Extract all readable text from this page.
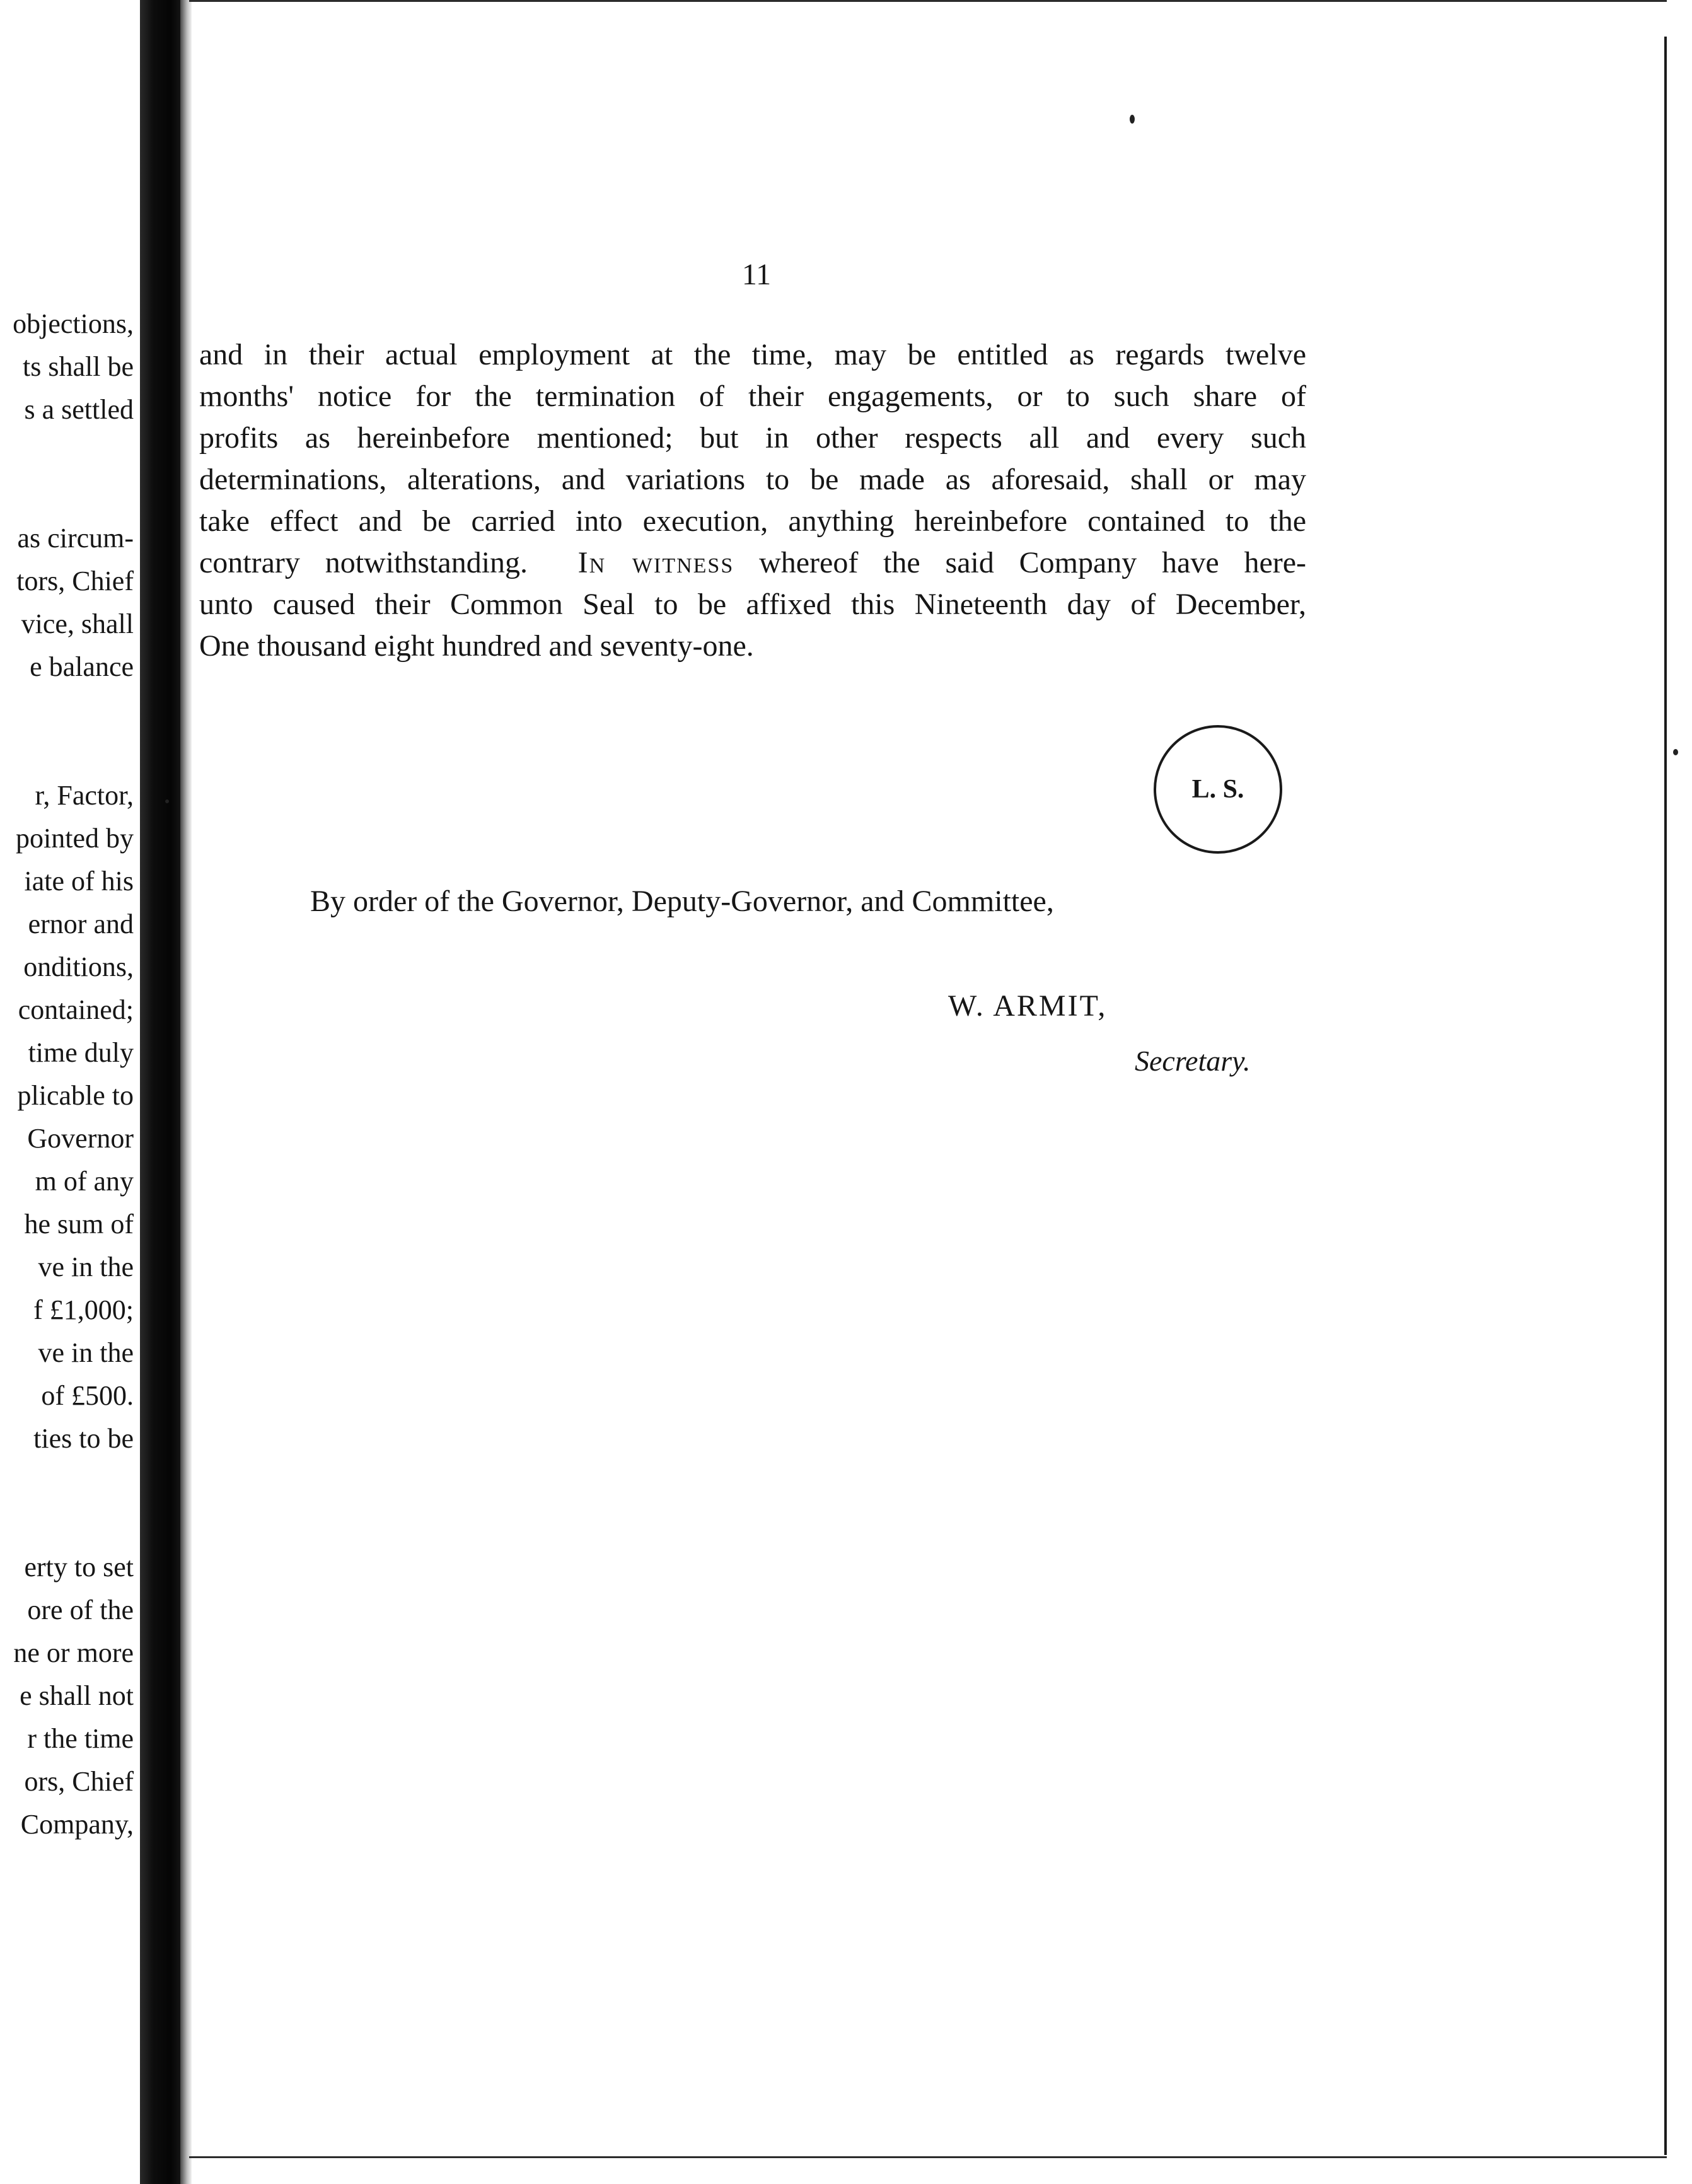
objections,
ts shall be
s a settled
as circum-
tors, Chief
vice, shall
e balance
r, Factor,
pointed by
iate of his
ernor and
onditions,
contained;
time duly
plicable to
Governor
m of any
he sum of
ve in the
f £1,000;
ve in the
of £500.
ties to be
erty to set
ore of the
ne or more
e shall not
r the time
ors, Chief
Company,
11
and in their actual employment at the time, may be entitled as regards twelve
months' notice for the termination of their engagements, or to such share of
profits as hereinbefore mentioned; but in other respects all and every such
determinations, alterations, and variations to be made as aforesaid, shall or may
take effect and be carried into execution, anything hereinbefore contained to the
contrary notwithstanding. In witness whereof the said Company have here-
unto caused their Common Seal to be affixed this Nineteenth day of December,
One thousand eight hundred and seventy-one.
L. S.
By order of the Governor, Deputy-Governor, and Committee,
W. ARMIT,
Secretary.
